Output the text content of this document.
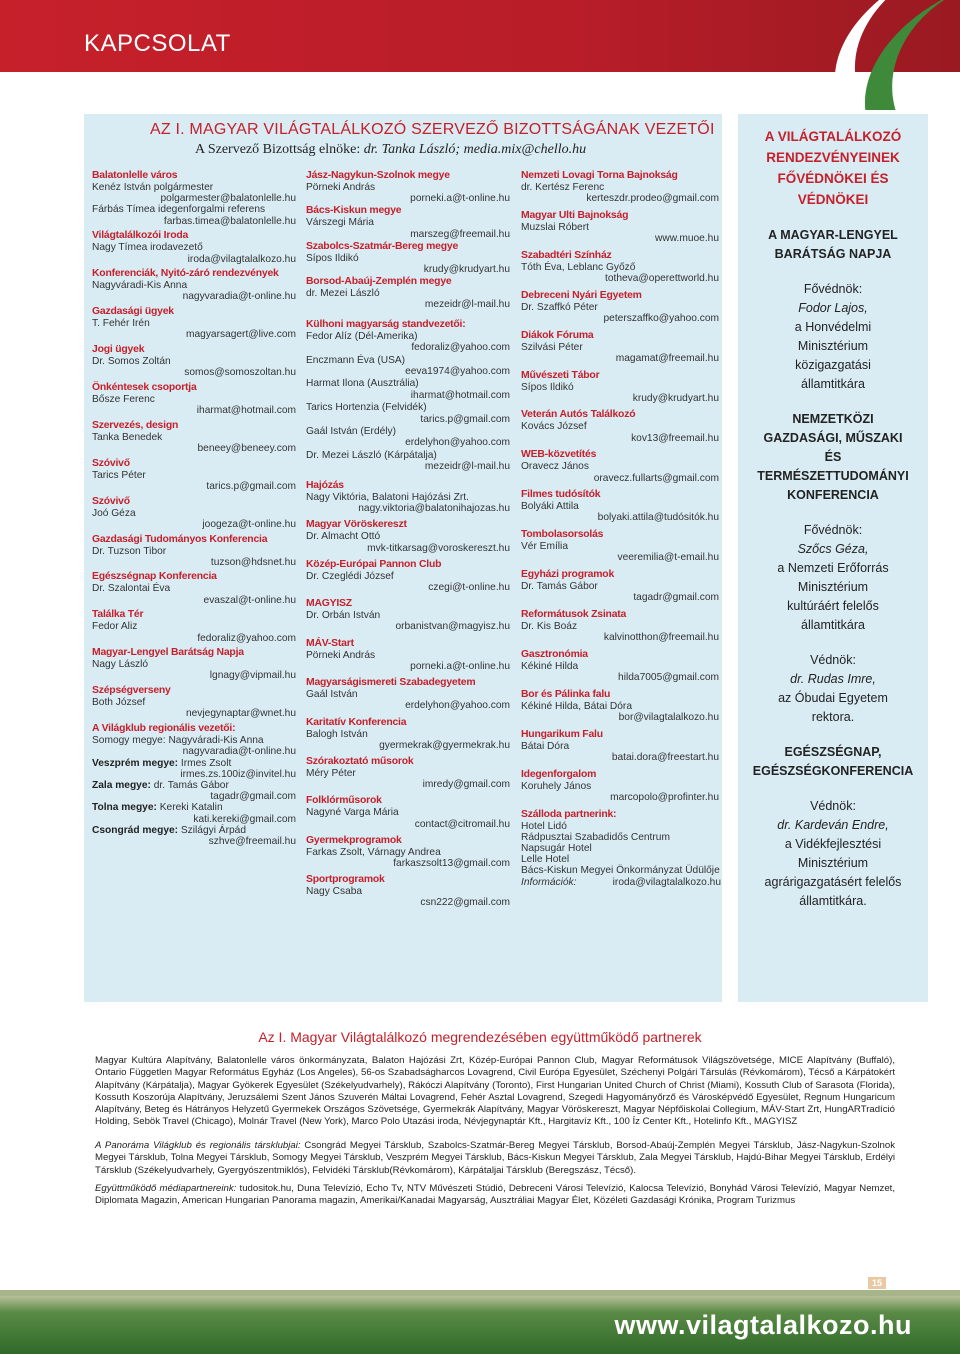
KAPCSOLAT
AZ I. MAGYAR VILÁGTALÁLKOZÓ SZERVEZŐ BIZOTTSÁGÁNAK VEZETŐI
A Szervező Bizottság elnöke: dr. Tanka László; media.mix@chello.hu
Balatonlelle város
Kenéz István polgármester
polgarmester@balatonlelle.hu
Fárbás Tímea idegenforgalmi referens
farbas.timea@balatonlelle.hu
Világtalálkozói Iroda
Nagy Tímea irodavezető
iroda@vilagtalalkozo.hu
Konferenciák, Nyitó-záró rendezvények
Nagyváradi-Kis Anna
nagyvaradia@t-online.hu
Gazdasági ügyek
T. Fehér Irén
magyarsagert@live.com
Jogi ügyek
Dr. Somos Zoltán
somos@somoszoltan.hu
Önkéntesek csoportja
Bősze Ferenc
iharmat@hotmail.com
Szervezés, design
Tanka Benedek
beneey@beneey.com
Szóvivő
Tarics Péter
tarics.p@gmail.com
Szóvivő
Joó Géza
joogeza@t-online.hu
Gazdasági Tudományos Konferencia
Dr. Tuzson Tibor
tuzson@hdsnet.hu
Egészségnap Konferencia
Dr. Szalontai Éva
evaszal@t-online.hu
Találka Tér
Fedor Aliz
fedoraliz@yahoo.com
Magyar-Lengyel Barátság Napja
Nagy László
lgnagy@vipmail.hu
Szépségverseny
Both József
nevjegynaptar@wnet.hu
A Világklub regionális vezetői:
Somogy megye: Nagyváradi-Kis Anna
nagyvaradia@t-online.hu
Veszprém megye: Irmes Zsolt
irmes.zs.100iz@invitel.hu
Zala megye: dr. Tamás Gábor
tagadr@gmail.com
Tolna megye: Kereki Katalin
kati.kereki@gmail.com
Csongrád megye: Szilágyi Árpád
szhve@freemail.hu
Jász-Nagykun-Szolnok megye
Pörneki András
porneki.a@t-online.hu
Bács-Kiskun megye
Várszegi Mária
marszeg@freemail.hu
Szabolcs-Szatmár-Bereg megye
Sípos Ildikó
krudy@krudyart.hu
Borsod-Abaúj-Zemplén megye
dr. Mezei László
mezeidr@l-mail.hu
Külhoni magyarság standvezetői:
Fedor Alíz (Dél-Amerika)
fedoraliz@yahoo.com
Enczmann Éva (USA)
eeva1974@yahoo.com
Harmat Ilona (Ausztrália)
iharmat@hotmail.com
Tarics Hortenzia (Felvidék)
tarics.p@gmail.com
Gaál István (Erdély)
erdelyhon@yahoo.com
Dr. Mezei László (Kárpátalja)
mezeidr@l-mail.hu
Hajózás
Nagy Viktória, Balatoni Hajózási Zrt.
nagy.viktoria@balatonihajozas.hu
Magyar Vöröskereszt
Dr. Almacht Ottó
mvk-titkarsag@voroskereszt.hu
Közép-Európai Pannon Club
Dr. Czeglédi József
czegi@t-online.hu
MAGYISZ
Dr. Orbán István
orbanistvan@magyisz.hu
MÁV-Start
Pörneki András
porneki.a@t-online.hu
Magyarságismereti Szabadegyetem
Gaál István
erdelyhon@yahoo.com
Karitatív Konferencia
Balogh István
gyermekrak@gyermekrak.hu
Szórakoztató műsorok
Méry Péter
imredy@gmail.com
Folklórműsorok
Nagyné Varga Mária
contact@citromail.hu
Gyermekprogramok
Farkas Zsolt, Várnagy Andrea
farkaszsolt13@gmail.com
Sportprogramok
Nagy Csaba
csn222@gmail.com
Nemzeti Lovagi Torna Bajnokság
dr. Kertész Ferenc
kerteszdr.prodeo@gmail.com
Magyar Ulti Bajnokság
Muzslai Róbert
www.muoe.hu
Szabadtéri Színház
Tóth Éva, Leblanc Győző
totheva@operettworld.hu
Debreceni Nyári Egyetem
Dr. Szaffkó Péter
peterszaffko@yahoo.com
Diákok Fóruma
Szilvási Péter
magamat@freemail.hu
Művészeti Tábor
Sípos Ildikó
krudy@krudyart.hu
Veterán Autós Találkozó
Kovács József
kov13@freemail.hu
WEB-közvetítés
Oravecz János
oravecz.fullarts@gmail.com
Filmes tudósítók
Bolyáki Attila
bolyaki.attila@tudósitók.hu
Tombolasorsolás
Vér Emília
veeremilia@t-email.hu
Egyházi programok
Dr. Tamás Gábor
tagadr@gmail.com
Reformátusok Zsinata
Dr. Kis Boáz
kalvinotthon@freemail.hu
Gasztronómia
Kékiné Hilda
hilda7005@gmail.com
Bor és Pálinka falu
Kékiné Hilda, Bátai Dóra
bor@vilagtalalkozo.hu
Hungarikum Falu
Bátai Dóra
batai.dora@freestart.hu
Idegenforgalom
Koruhely János
marcopolo@profinter.hu
Szálloda partnerink:
Hotel Lidó
Rádpusztai Szabadidős Centrum
Napsugár Hotel
Lelle Hotel
Bács-Kiskun Megyei Önkormányzat Üdülője
Információk:	iroda@vilagtalalkozo.hu
A VILÁGTALÁLKOZÓ
RENDEZVÉNYEINEK
FŐVÉDNÖKEI ÉS
VÉDNÖKEI
A MAGYAR-LENGYEL
BARÁTSÁG NAPJA
Fővédnök:
Fodor Lajos,
a Honvédelmi
Minisztérium
közigazgatási
államtitkára
NEMZETKÖZI
GAZDASÁGI, MŰSZAKI
ÉS
TERMÉSZETTUDOMÁNYI
KONFERENCIA
Fővédnök:
Szőcs Géza,
a Nemzeti Erőforrás
Minisztérium
kultúráért felelős
államtitkára
Védnök:
dr. Rudas Imre,
az Óbudai Egyetem
rektora.
EGÉSZSÉGNAP,
EGÉSZSÉGKONFERENCIA
Védnök:
dr. Kardeván Endre,
a Vidékfejlesztési
Minisztérium
agrárigazgatásért felelős
államtitkára.
Az I. Magyar Világtalálkozó megrendezésében együttműködő partnerek
Magyar Kultúra Alapítvány, Balatonlelle város önkormányzata, Balaton Hajózási Zrt, Közép-Európai Pannon Club, Magyar Reformátusok Világszövetsége, MICE Alapítvány (Buffaló), Ontario Független Magyar Református Egyház (Los Angeles), 56-os Szabadságharcos Lovagrend, Civil Európa Egyesület, Széchenyi Polgári Társulás (Révkomárom), Técső a Kárpátokért Alapítvány (Kárpátalja), Magyar Gyökerek Egyesület (Székelyudvarhely), Rákóczi Alapítvány (Toronto), First Hungarian United Church of Christ (Miami), Kossuth Club of Sarasota (Florida), Kossuth Koszorúja Alapítvány, Jeruzsálemi Szent János Szuverén Máltai Lovagrend, Fehér Asztal Lovagrend, Szegedi Hagyományőrző és Városképvédő Egyesület, Regnum Hungaricum Alapítvány, Beteg és Hátrányos Helyzetű Gyermekek Országos Szövetsége, Gyermekrák Alapítvány, Magyar Vöröskereszt, Magyar Népfőiskolai Collegium, MÁV-Start Zrt, HungARTradíció Holding, Sebök Travel (Chicago), Molnár Travel (New York), Marco Polo Utazási iroda, Névjegynaptár Kft., Hargitavíz Kft., 100 Íz Center Kft., Hotelinfo Kft., MAGYISZ
A Panoráma Világklub és regionális társklubjai: Csongrád Megyei Társklub, Szabolcs-Szatmár-Bereg Megyei Társklub, Borsod-Abaúj-Zemplén Megyei Társklub, Jász-Nagykun-Szolnok Megyei Társklub, Tolna Megyei Társklub, Somogy Megyei Társklub, Veszprém Megyei Társklub, Bács-Kiskun Megyei Társklub, Zala Megyei Társklub, Hajdú-Bihar Megyei Társklub, Erdélyi Társklub (Székelyudvarhely, Gyergyószentmiklós), Felvidéki Társklub(Révkomárom), Kárpátaljai Társklub (Beregszász, Técső).
Együttműködő médiapartnereink: tudositok.hu, Duna Televízió, Echo Tv, NTV Művészeti Stúdió, Debreceni Városi Televízió, Kalocsa Televízió, Bonyhád Városi Televízió, Magyar Nemzet, Diplomata Magazin, American Hungarian Panorama magazin, Amerikai/Kanadai Magyarság, Ausztráliai Magyar Élet, Közéleti Gazdasági Krónika, Program Turizmus
15
www.vilagtalalkozo.hu
